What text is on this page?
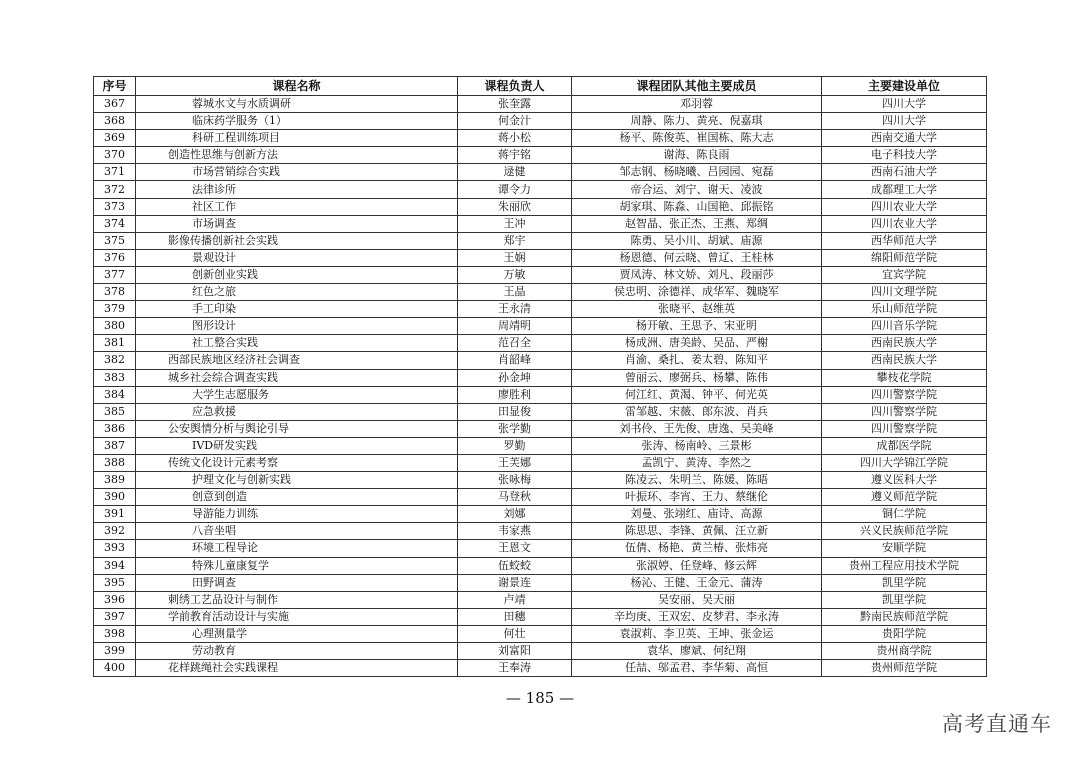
序号	课程名称	课程负责人	课程团队其他主要成员	主要建设单位
367	蓉城水文与水质调研	张奎露	邓羽蓉	四川大学
368	临床药学服务（1）	何金汁	周静、陈力、黄亮、倪嘉琪	四川大学
369	科研工程训练项目	蒋小松	杨平、陈俊英、崔国栋、陈大志	西南交通大学
370	创造性思维与创新方法	蒋宇铭	谢海、陈良雨	电子科技大学
371	市场营销综合实践	逯健	邹志钢、杨晓曦、吕园园、宛磊	西南石油大学
372	法律诊所	谭令力	帝合运、刘宁、谢天、凌波	成都理工大学
373	社区工作	朱丽欣	胡家琪、陈淼、山国艳、邱振铭	四川农业大学
374	市场调查	王冲	赵智晶、张正杰、王燕、郑绸	四川农业大学
375	影像传播创新社会实践	郑宇	陈勇、吴小川、胡斌、庙源	西华师范大学
376	景观设计	王娴	杨恩德、何云晓、曾辽、王桂林	绵阳师范学院
377	创新创业实践	万敏	贾凤涛、林文娇、刘凡、段丽莎	宜宾学院
378	红色之旅	王晶	侯忠明、涂德祥、成华军、魏晓军	四川文理学院
379	手工印染	王永清	张晓平、赵维英	乐山师范学院
380	图形设计	周靖明	杨开敏、王思予、宋亚明	四川音乐学院
381	社工整合实践	范召全	杨成洲、唐美龄、吴品、严榭	西南民族大学
382	西部民族地区经济社会调查	肖韶峰	肖渝、桑扎、姜太碧、陈知平	西南民族大学
383	城乡社会综合调查实践	孙金坤	曾丽云、廖弼兵、杨攀、陈伟	攀枝花学院
384	大学生志愿服务	廖胜利	何江红、黄渴、钟平、何光英	四川警察学院
385	应急救援	田显俊	雷邹越、宋薇、郎东波、肖兵	四川警察学院
386	公安舆情分析与舆论引导	张学勤	刘书伶、王先俊、唐逸、吴美峰	四川警察学院
387	IVD研发实践	罗勤	张涛、杨南岭、三景彬	成都医学院
388	传统文化设计元素考察	王芙娜	孟凯宁、黄涛、李然之	四川大学锦江学院
389	护理文化与创新实践	张咏梅	陈凌云、朱明兰、陈媛、陈晤	遵义医科大学
390	创意到创造	马登秋	叶振环、李宵、王力、蔡继伦	遵义师范学院
391	导游能力训练	刘娜	刘曼、张翊红、庙诗、高源	铜仁学院
392	八音坐唱	韦家燕	陈思思、李锋、黄佩、汪立新	兴义民族师范学院
393	环境工程导论	王恩文	伍倩、杨艳、黄兰椿、张炜亮	安顺学院
394	特殊儿童康复学	伍蛟蛟	张淑婷、任登峰、修云辉	贵州工程应用技术学院
395	田野调查	谢景连	杨沁、王健、王金元、蒲涛	凯里学院
396	刺绣工艺品设计与制作	卢靖	吴安丽、吴天丽	凯里学院
397	学前教育活动设计与实施	田穗	辛均庚、王双宏、皮梦君、李永涛	黔南民族师范学院
398	心理测量学	何壮	袁淑莉、李卫英、王坤、张金运	贵阳学院
399	劳动教育	刘富阳	袁华、廖斌、何纪翔	贵州商学院
400	花样跳绳社会实践课程	王奉涛	任喆、邬孟君、李华菊、高恒	贵州师范学院
— 185 —
高考直通车
